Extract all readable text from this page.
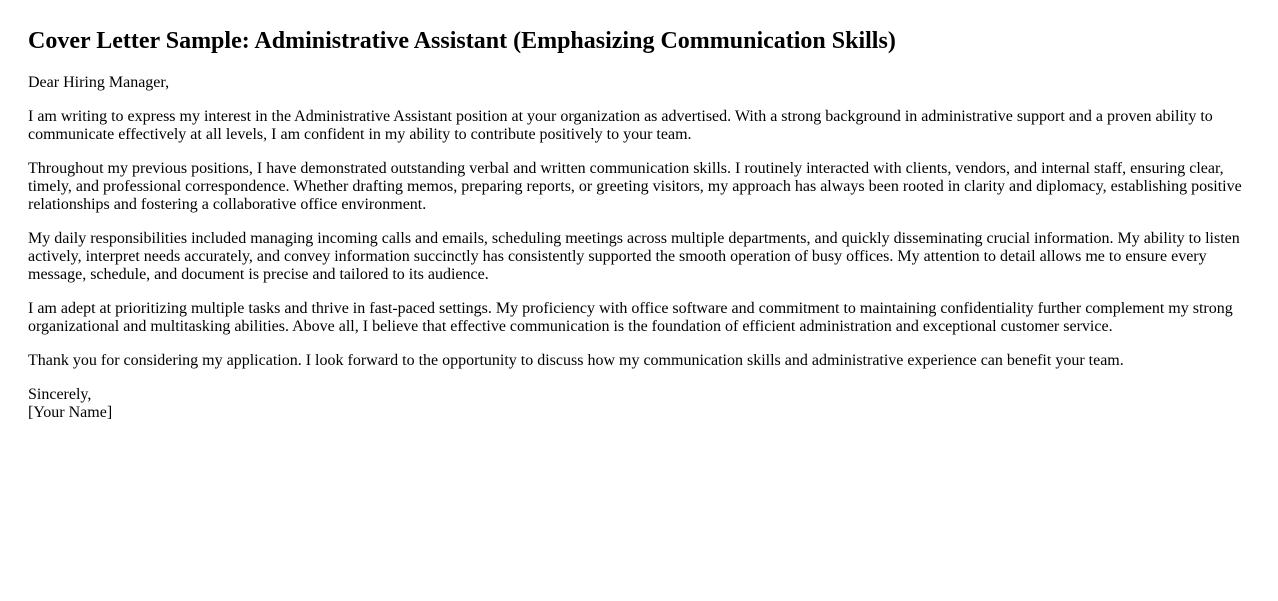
Cover Letter Sample: Administrative Assistant (Emphasizing Communication Skills)

Dear Hiring Manager,

I am writing to express my interest in the Administrative Assistant position at your organization as advertised. With a strong background in administrative support and a proven ability to communicate effectively at all levels, I am confident in my ability to contribute positively to your team.

Throughout my previous positions, I have demonstrated outstanding verbal and written communication skills. I routinely interacted with clients, vendors, and internal staff, ensuring clear, timely, and professional correspondence. Whether drafting memos, preparing reports, or greeting visitors, my approach has always been rooted in clarity and diplomacy, establishing positive relationships and fostering a collaborative office environment.

My daily responsibilities included managing incoming calls and emails, scheduling meetings across multiple departments, and quickly disseminating crucial information. My ability to listen actively, interpret needs accurately, and convey information succinctly has consistently supported the smooth operation of busy offices. My attention to detail allows me to ensure every message, schedule, and document is precise and tailored to its audience.

I am adept at prioritizing multiple tasks and thrive in fast-paced settings. My proficiency with office software and commitment to maintaining confidentiality further complement my strong organizational and multitasking abilities. Above all, I believe that effective communication is the foundation of efficient administration and exceptional customer service.

Thank you for considering my application. I look forward to the opportunity to discuss how my communication skills and administrative experience can benefit your team.

Sincerely,
[Your Name]
